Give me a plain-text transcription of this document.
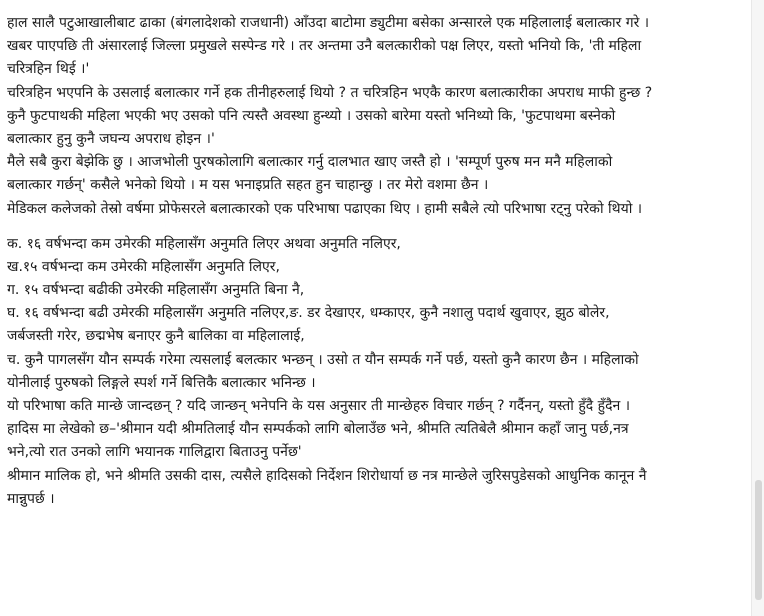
हाल सालै पटुआखालीबाट ढाका (बंगलादेशको राजधानी) आँउदा बाटोमा ड्युटीमा बसेका अन्सारले एक महिलालाई बलात्कार गरे ।
खबर पाएपछि ती अंसारलाई जिल्ला प्रमुखले सस्पेन्ड गरे । तर अन्तमा उनै बलत्कारीको पक्ष लिएर, यस्तो भनियो कि, 'ती महिला
चरित्रहिन थिई ।'
चरित्रहिन भएपनि के उसलाई बलात्कार गर्ने हक तीनीहरुलाई थियो ? त चरित्रहिन भएकै कारण बलात्कारीका अपराध माफी हुन्छ ?
कुनै फुटपाथकी महिला भएकी भए उसको पनि त्यस्तै अवस्था हुन्थ्यो । उसको बारेमा यस्तो भनिथ्यो कि, 'फुटपाथमा बस्नेको
बलात्कार हुनु कुनै जघन्य अपराध होइन ।'
मैले सबै कुरा बेझेकि छु । आजभोली पुरषकोलागि बलात्कार गर्नु दालभात खाए जस्तै हो । 'सम्पूर्ण पुरुष मन मनै महिलाको
बलात्कार गर्छन्' कसैले भनेको थियो । म यस भनाइप्रति सहत हुन चाहान्छु । तर मेरो वशमा छैन ।
मेडिकल कलेजको तेस्रो वर्षमा प्रोफेसरले बलात्कारको एक परिभाषा पढाएका थिए । हामी सबैले त्यो परिभाषा रट्नु परेको थियो ।
क. १६ वर्षभन्दा कम उमेरकी महिलासँग अनुमति लिएर अथवा अनुमति नलिएर,
ख.१५ वर्षभन्दा कम उमेरकी महिलासँग अनुमति लिएर,
ग. १५ वर्षभन्दा बढीकी उमेरकी महिलासँग अनुमति बिना नै,
घ. १६ वर्षभन्दा बढी उमेरकी महिलासँग अनुमति नलिएर,ङ. डर देखाएर, धम्काएर, कुनै नशालु पदार्थ खुवाएर, झुठ बोलेर,
जर्बजस्ती गरेर, छद्मभेष बनाएर कुनै बालिका वा महिलालाई,
च. कुनै पागलसँग यौन सम्पर्क गरेमा त्यसलाई बलत्कार भन्छन् । उसो त यौन सम्पर्क गर्ने पर्छ, यस्तो कुनै कारण छैन । महिलाको
योनीलाई पुरुषको लिङ्गले स्पर्श गर्ने बित्तिकै बलात्कार भनिन्छ ।
यो परिभाषा कति मान्छे जान्दछन् ? यदि जान्छन् भनेपनि के यस अनुसार ती मान्छेहरु विचार गर्छन् ? गर्दैनन्, यस्तो हुँदै हुँदैन ।
हादिस मा लेखेको छ–'श्रीमान यदी श्रीमतिलाई यौन सम्पर्कको लागि बोलाउँछ भने, श्रीमति त्यतिबेलै श्रीमान कहाँ जानु पर्छ,नत्र
भने,त्यो रात उनको लागि भयानक गालिद्वारा बिताउनु पर्नेछ'
श्रीमान मालिक हो, भने श्रीमति उसकी दास, त्यसैले हादिसको निर्देशन शिरोधार्या छ नत्र मान्छेले जुरिसपुडेसको आधुनिक कानून नै
मान्नुपर्छ ।
